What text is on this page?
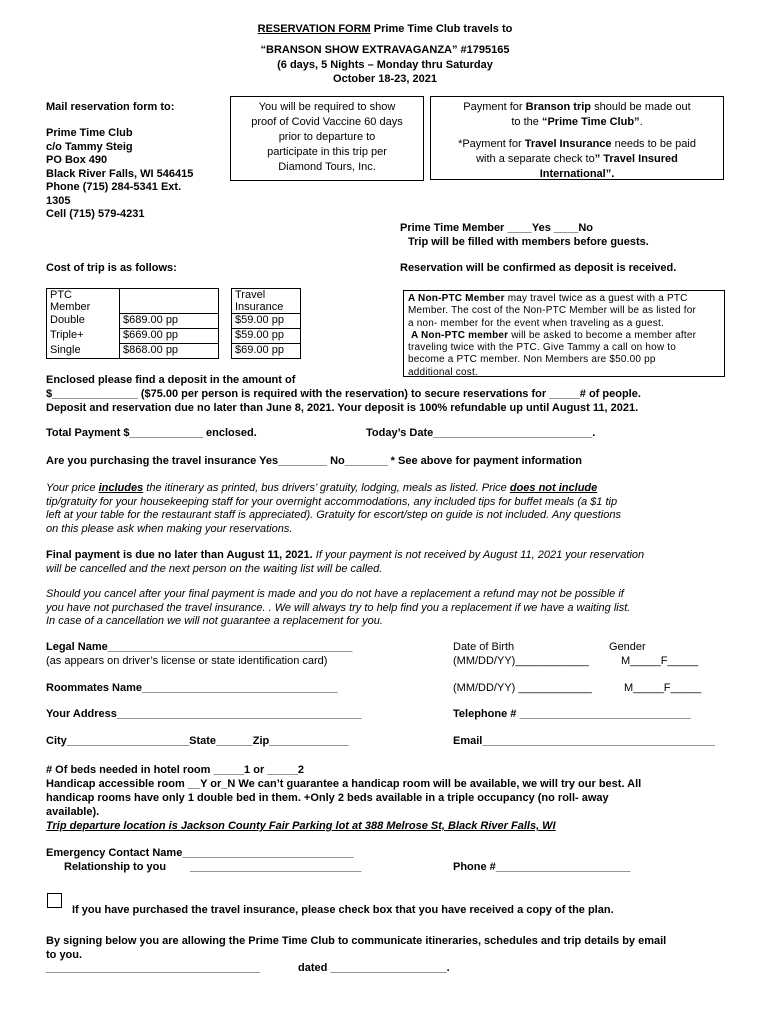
RESERVATION FORM Prime Time Club travels to
“BRANSON SHOW EXTRAVAGANZA” #1795165
(6 days, 5 Nights – Monday thru Saturday
October 18-23, 2021
Mail reservation form to:
Prime Time Club
c/o Tammy Steig
PO Box 490
Black River Falls, WI 546415
Phone (715) 284-5341 Ext.
1305
Cell (715) 579-4231
You will be required to show
proof of Covid Vaccine 60 days
prior to departure to
participate in this trip per
Diamond Tours, Inc.
Payment for Branson trip should be made out
to the “Prime Time Club”.
*Payment for Travel Insurance needs to be paid
with a separate check to” Travel Insured
International”.
Prime Time Member ____Yes ____No
Trip will be filled with members before guests.
Cost of trip is as follows:	Reservation will be confirmed as deposit is received.
PTC
Member			Travel
Insurance
Double	$689.00 pp		$59.00 pp
Triple+	$669.00 pp		$59.00 pp
Single	$868.00 pp		$69.00 pp
A Non-PTC Member may travel twice as a guest with a PTC
Member. The cost of the Non-PTC Member will be as listed for
a non- member for the event when traveling as a guest.
A Non-PTC member will be asked to become a member after
traveling twice with the PTC. Give Tammy a call on how to
become a PTC member. Non Members are $50.00 pp
additional cost.
Enclosed please find a deposit in the amount of
$______________ ($75.00 per person is required with the reservation) to secure reservations for _____# of people.
Deposit and reservation due no later than June 8, 2021. Your deposit is 100% refundable up until August 11, 2021.
Total Payment $____________ enclosed.	Today’s Date__________________________.
Are you purchasing the travel insurance Yes________ No_______ * See above for payment information
Your price includes the itinerary as printed, bus drivers’ gratuity, lodging, meals as listed. Price does not include
tip/gratuity for your housekeeping staff for your overnight accommodations, any included tips for buffet meals (a $1 tip
left at your table for the restaurant staff is appreciated). Gratuity for escort/step on guide is not included. Any questions
on this please ask when making your reservations.
Final payment is due no later than August 11, 2021. If your payment is not received by August 11, 2021 your reservation
will be cancelled and the next person on the waiting list will be called.
Should you cancel after your final payment is made and you do not have a replacement a refund may not be possible if
you have not purchased the travel insurance. . We will always try to help find you a replacement if we have a waiting list.
In case of a cancellation we will not guarantee a replacement for you.
Legal Name________________________________________
(as appears on driver’s license or state identification card)
Date of Birth	Gender
(MM/DD/YY)____________	M_____F_____
Roommates Name________________________________	(MM/DD/YY) ____________	M_____F_____
Your Address________________________________________	Telephone # ____________________________
City____________________State______Zip_____________	Email______________________________________
# Of beds needed in hotel room _____1 or _____2
Handicap accessible room __Y or_N We can’t guarantee a handicap room will be available, we will try our best. All
handicap rooms have only 1 double bed in them. +Only 2 beds available in a triple occupancy (no roll- away
available).
Trip departure location is Jackson County Fair Parking lot at 388 Melrose St, Black River Falls, WI
Emergency Contact Name____________________________
Relationship to you ____________________________	Phone #______________________
If you have purchased the travel insurance, please check box that you have received a copy of the plan.
By signing below you are allowing the Prime Time Club to communicate itineraries, schedules and trip details by email
to you.
___________________________________	dated ___________________.
